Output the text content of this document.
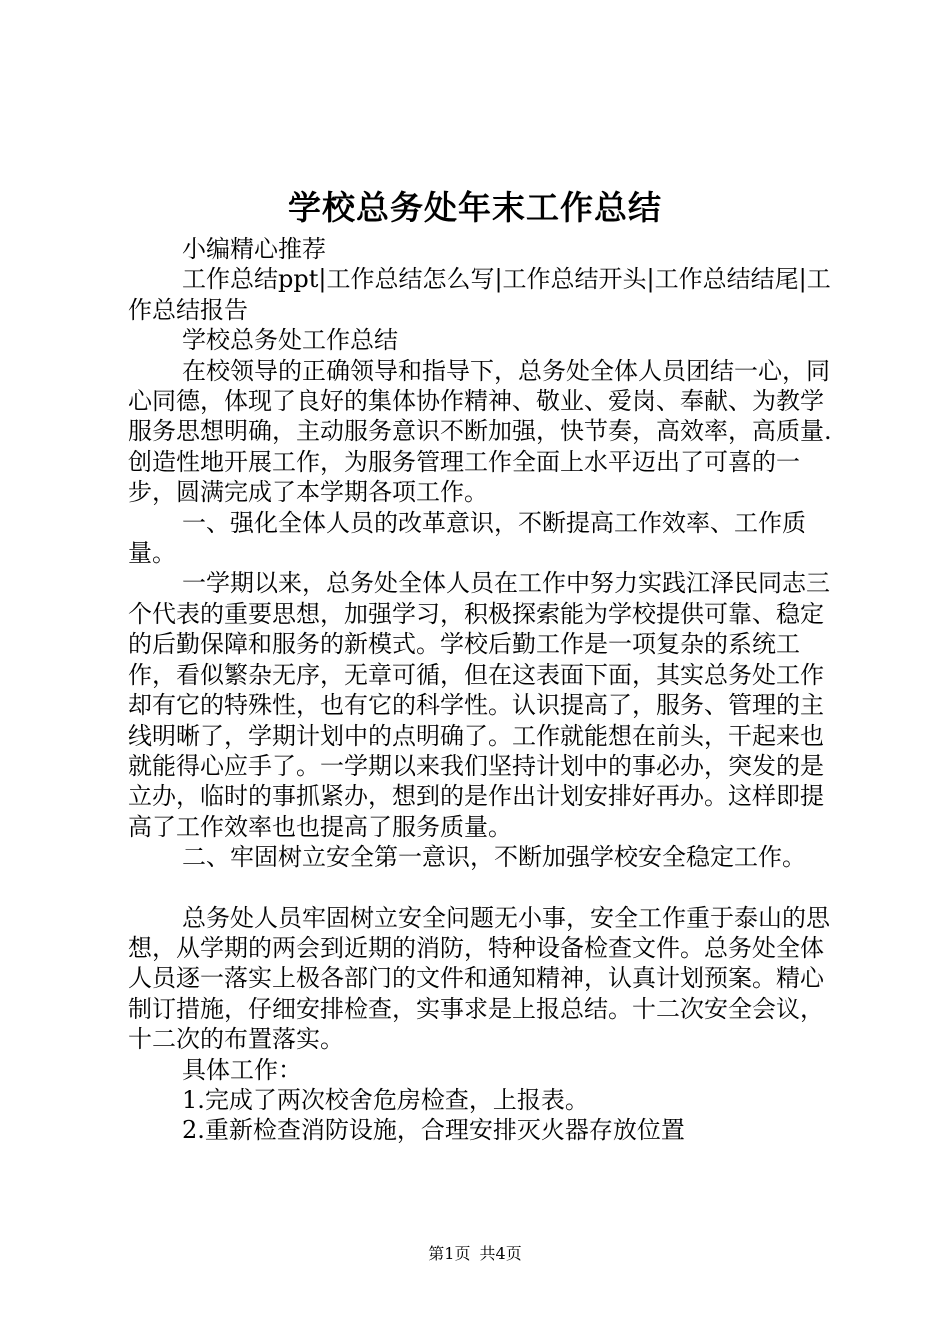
学校总务处年末工作总结

小编精心推荐

工作总结ppt|工作总结怎么写|工作总结开头|工作总结结尾|工作总结报告

学校总务处工作总结

在校领导的正确领导和指导下，总务处全体人员团结一心，同心同德，体现了良好的集体协作精神、敬业、爱岗、奉献、为教学服务思想明确，主动服务意识不断加强，快节奏，高效率，高质量.创造性地开展工作，为服务管理工作全面上水平迈出了可喜的一步，圆满完成了本学期各项工作。

一、强化全体人员的改革意识，不断提高工作效率、工作质量。

一学期以来，总务处全体人员在工作中努力实践江泽民同志三个代表的重要思想，加强学习，积极探索能为学校提供可靠、稳定的后勤保障和服务的新模式。学校后勤工作是一项复杂的系统工作，看似繁杂无序，无章可循，但在这表面下面，其实总务处工作却有它的特殊性，也有它的科学性。认识提高了，服务、管理的主线明晰了，学期计划中的点明确了。工作就能想在前头，干起来也就能得心应手了。一学期以来我们坚持计划中的事必办，突发的是立办，临时的事抓紧办，想到的是作出计划安排好再办。这样即提高了工作效率也也提高了服务质量。

二、牢固树立安全第一意识，不断加强学校安全稳定工作。

总务处人员牢固树立安全问题无小事，安全工作重于泰山的思想，从学期的两会到近期的消防，特种设备检查文件。总务处全体人员逐一落实上极各部门的文件和通知精神，认真计划预案。精心制订措施，仔细安排检查，实事求是上报总结。十二次安全会议，十二次的布置落实。

具体工作：

1.完成了两次校舍危房检查，上报表。

2.重新检查消防设施，合理安排灭火器存放位置

第1页 共4页
